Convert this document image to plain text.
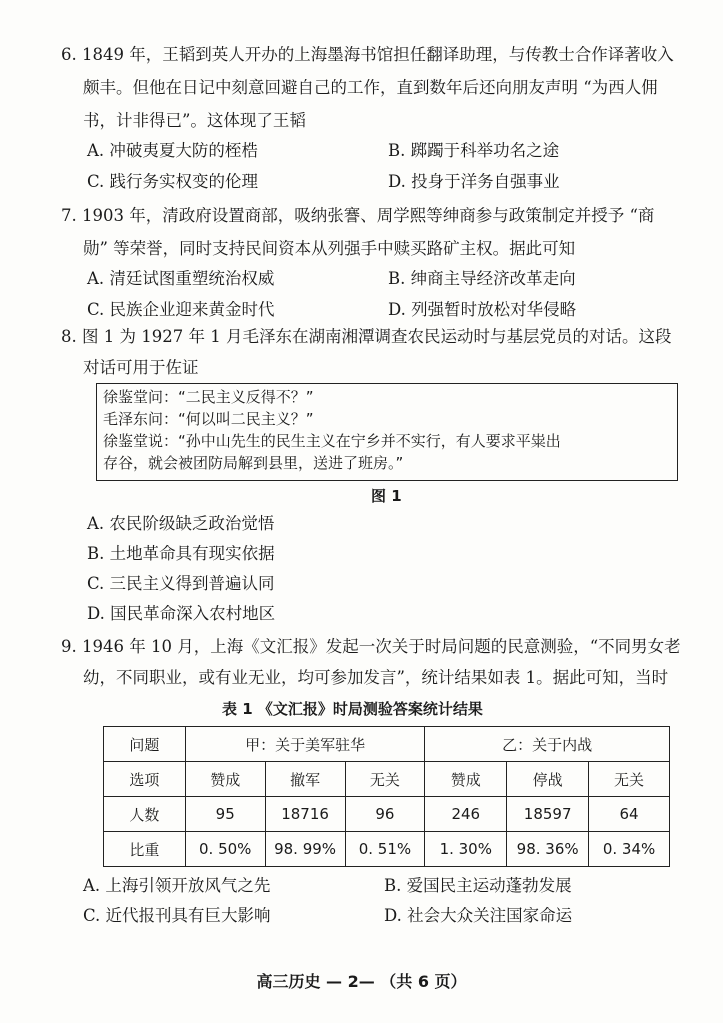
6. 1849 年，王韬到英人开办的上海墨海书馆担任翻译助理，与传教士合作译著收入
颇丰。但他在日记中刻意回避自己的工作，直到数年后还向朋友声明 “为西人佣
书，计非得已”。这体现了王韬
A. 冲破夷夏大防的桎梏	B. 踯躅于科举功名之途
C. 践行务实权变的伦理	D. 投身于洋务自强事业
7. 1903 年，清政府设置商部，吸纳张謇、周学熙等绅商参与政策制定并授予 “商
勋” 等荣誉，同时支持民间资本从列强手中赎买路矿主权。据此可知
A. 清廷试图重塑统治权威	B. 绅商主导经济改革走向
C. 民族企业迎来黄金时代	D. 列强暂时放松对华侵略
8. 图 1 为 1927 年 1 月毛泽东在湖南湘潭调查农民运动时与基层党员的对话。这段
对话可用于佐证
徐鉴堂问：“二民主义反得不？”
毛泽东问：“何以叫二民主义？”
徐鉴堂说：“孙中山先生的民生主义在宁乡并不实行，有人要求平粜出
存谷，就会被团防局解到县里，送进了班房。”
图 1
A. 农民阶级缺乏政治觉悟
B. 土地革命具有现实依据
C. 三民主义得到普遍认同
D. 国民革命深入农村地区
9. 1946 年 10 月，上海《文汇报》发起一次关于时局问题的民意测验，“不同男女老
幼，不同职业，或有业无业，均可参加发言”，统计结果如表 1。据此可知，当时
表 1 《文汇报》时局测验答案统计结果
问题	甲：关于美军驻华			乙：关于内战		
选项	赞成	撤军	无关	赞成	停战	无关
人数	95	18716	96	246	18597	64
比重	0. 50%	98. 99%	0. 51%	1. 30%	98. 36%	0. 34%
A. 上海引领开放风气之先	B. 爱国民主运动蓬勃发展
C. 近代报刊具有巨大影响	D. 社会大众关注国家命运
高三历史 — 2— （共 6 页）
